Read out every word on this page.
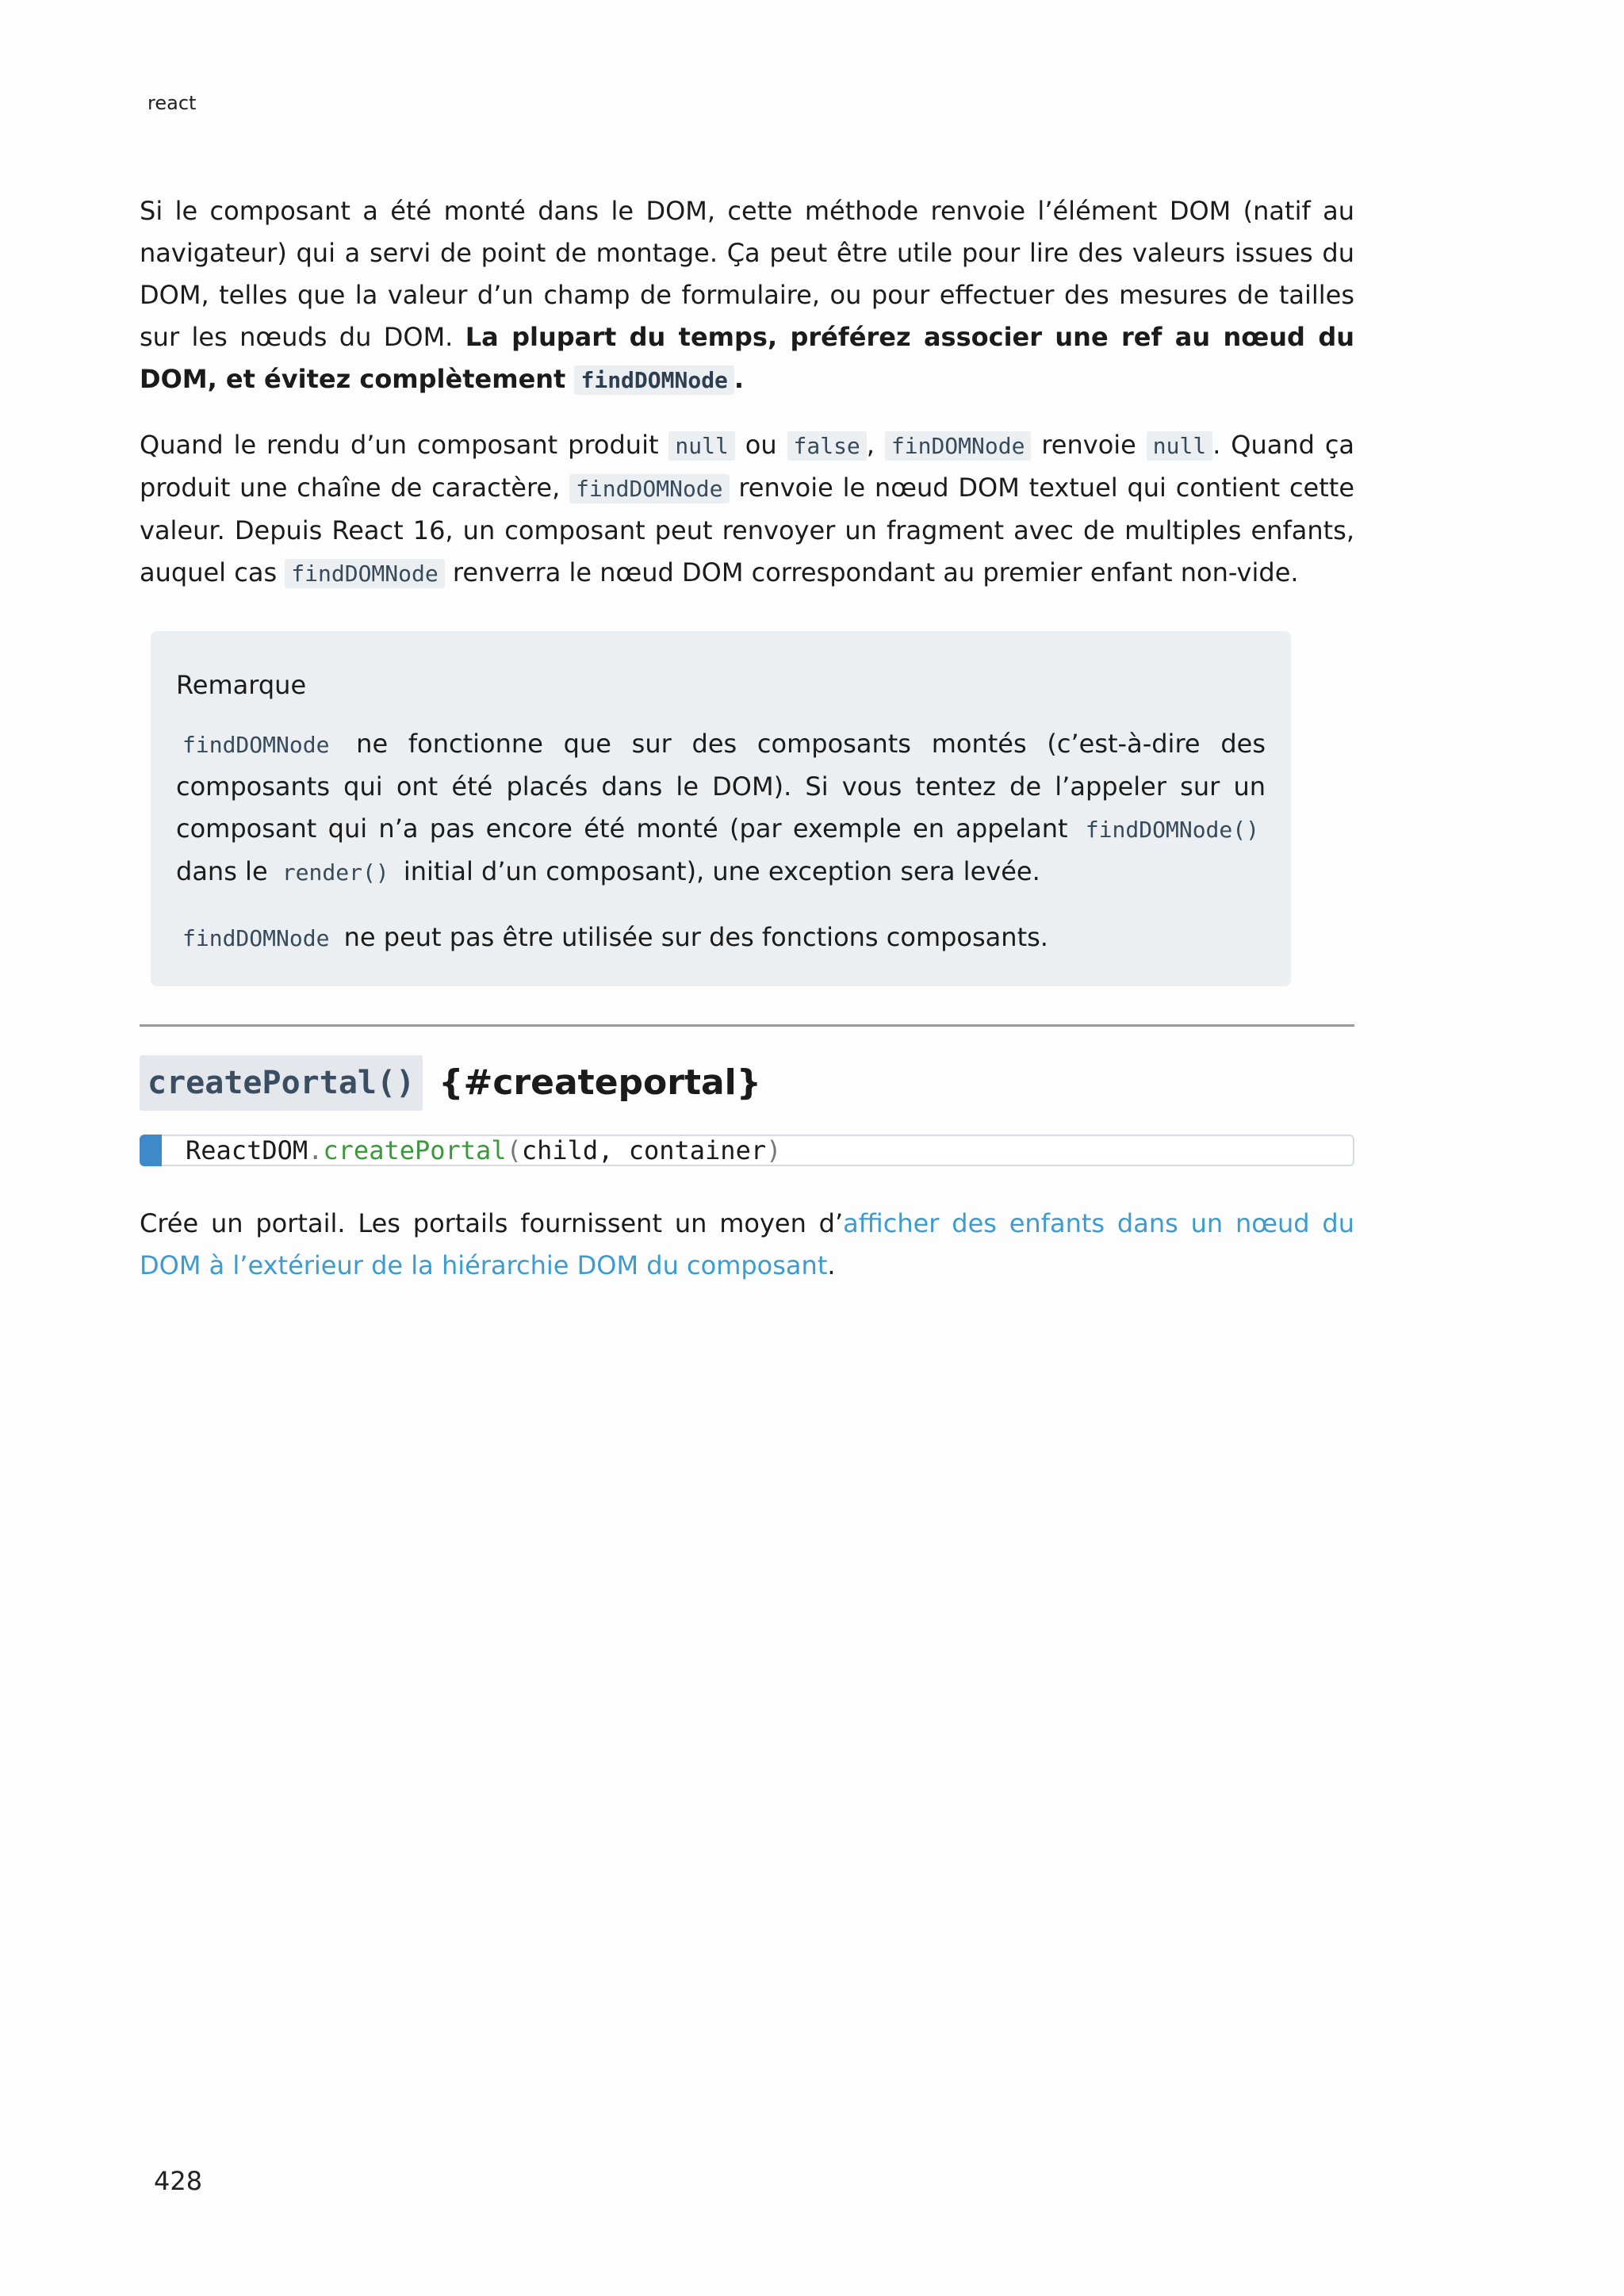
react

Si le composant a été monté dans le DOM, cette méthode renvoie l’élément DOM (natif au navigateur) qui a servi de point de montage. Ça peut être utile pour lire des valeurs issues du DOM, telles que la valeur d’un champ de formulaire, ou pour effectuer des mesures de tailles sur les nœuds du DOM. La plupart du temps, préférez associer une ref au nœud du DOM, et évitez complètement findDOMNode .

Quand le rendu d’un composant produit null ou false , finDOMNode renvoie null . Quand ça produit une chaîne de caractère, findDOMNode renvoie le nœud DOM textuel qui contient cette valeur. Depuis React 16, un composant peut renvoyer un fragment avec de multiples enfants, auquel cas findDOMNode renverra le nœud DOM correspondant au premier enfant non-vide.

Remarque

findDOMNode ne fonctionne que sur des composants montés (c’est-à-dire des composants qui ont été placés dans le DOM). Si vous tentez de l’appeler sur un composant qui n’a pas encore été monté (par exemple en appelant findDOMNode() dans le render() initial d’un composant), une exception sera levée.

findDOMNode ne peut pas être utilisée sur des fonctions composants.

createPortal() {#createportal}
ReactDOM.createPortal(child, container)

Crée un portail. Les portails fournissent un moyen d’afficher des enfants dans un nœud du DOM à l’extérieur de la hiérarchie DOM du composant.

428
